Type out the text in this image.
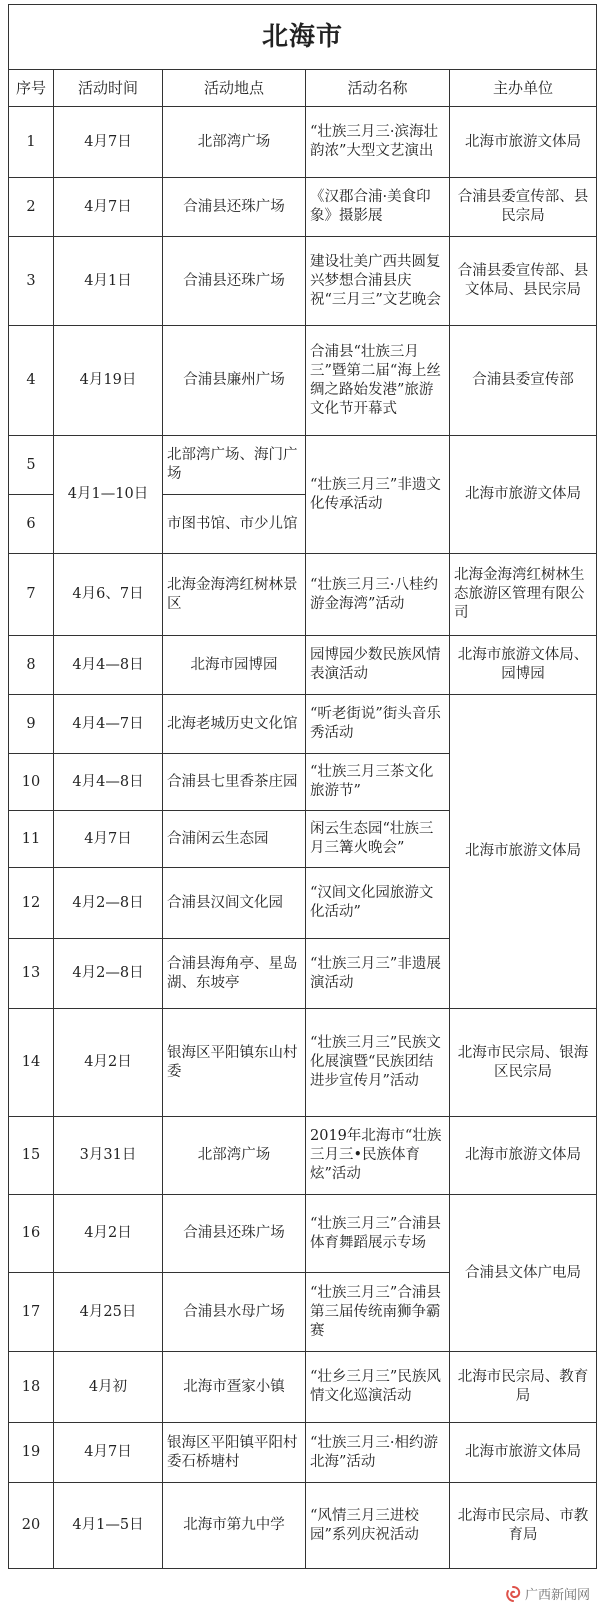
北海市				
序号	活动时间	活动地点	活动名称	主办单位
1	4月7日	北部湾广场	“壮族三月三·滨海壮韵浓”大型文艺演出	北海市旅游文体局
2	4月7日	合浦县还珠广场	《汉郡合浦·美食印象》摄影展	合浦县委宣传部、县民宗局
3	4月1日	合浦县还珠广场	建设壮美广西共圆复兴梦想合浦县庆祝“三月三”文艺晚会	合浦县委宣传部、县文体局、县民宗局
4	4月19日	合浦县廉州广场	合浦县“壮族三月三”暨第二届“海上丝绸之路始发港”旅游文化节开幕式	合浦县委宣传部
5	4月1—10日	北部湾广场、海门广场	“壮族三月三”非遗文化传承活动	北海市旅游文体局
6		市图书馆、市少儿馆		
7	4月6、7日	北海金海湾红树林景区	“壮族三月三·八桂约游金海湾”活动	北海金海湾红树林生态旅游区管理有限公司
8	4月4—8日	北海市园博园	园博园少数民族风情表演活动	北海市旅游文体局、园博园
9	4月4—7日	北海老城历史文化馆	“听老街说”街头音乐秀活动	北海市旅游文体局
10	4月4—8日	合浦县七里香茶庄园	“壮族三月三茶文化旅游节”	
11	4月7日	合浦闲云生态园	闲云生态园“壮族三月三篝火晚会”	
12	4月2—8日	合浦县汉闾文化园	“汉闾文化园旅游文化活动”	
13	4月2—8日	合浦县海角亭、星岛湖、东坡亭	“壮族三月三”非遗展演活动	
14	4月2日	银海区平阳镇东山村委	“壮族三月三”民族文化展演暨“民族团结进步宣传月”活动	北海市民宗局、银海区民宗局
15	3月31日	北部湾广场	2019年北海市“壮族三月三•民族体育炫”活动	北海市旅游文体局
16	4月2日	合浦县还珠广场	“壮族三月三”合浦县体育舞蹈展示专场	合浦县文体广电局
17	4月25日	合浦县水母广场	“壮族三月三”合浦县第三届传统南狮争霸赛	
18	4月初	北海市疍家小镇	“壮乡三月三”民族风情文化巡演活动	北海市民宗局、教育局
19	4月7日	银海区平阳镇平阳村委石桥塘村	“壮族三月三·相约游北海”活动	北海市旅游文体局
20	4月1—5日	北海市第九中学	“风情三月三进校园”系列庆祝活动	北海市民宗局、市教育局
广西新闻网
